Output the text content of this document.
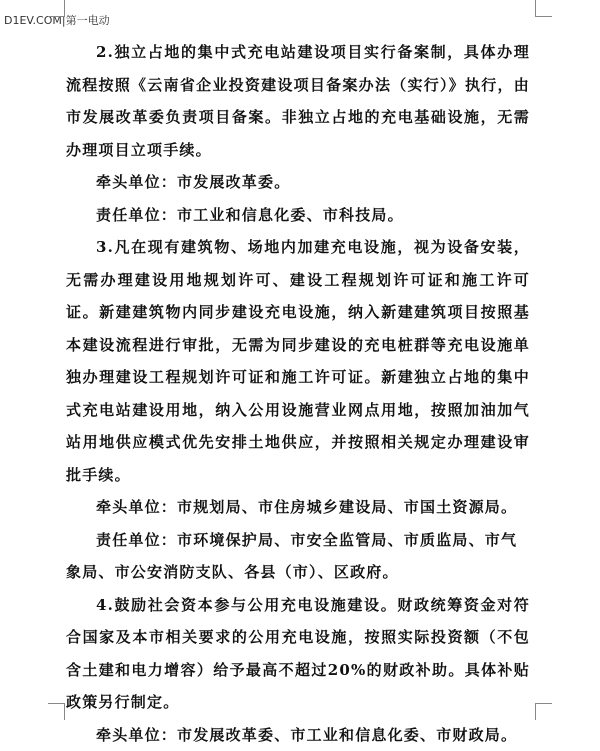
D1EV.COM|第一电动

2.独立占地的集中式充电站建设项目实行备案制，具体办理流程按照《云南省企业投资建设项目备案办法（实行）》执行，由市发展改革委负责项目备案。非独立占地的充电基础设施，无需办理项目立项手续。

牵头单位：市发展改革委。

责任单位：市工业和信息化委、市科技局。

3.凡在现有建筑物、场地内加建充电设施，视为设备安装，无需办理建设用地规划许可、建设工程规划许可证和施工许可证。新建建筑物内同步建设充电设施，纳入新建建筑项目按照基本建设流程进行审批，无需为同步建设的充电桩群等充电设施单独办理建设工程规划许可证和施工许可证。新建独立占地的集中式充电站建设用地，纳入公用设施营业网点用地，按照加油加气站用地供应模式优先安排土地供应，并按照相关规定办理建设审批手续。

牵头单位：市规划局、市住房城乡建设局、市国土资源局。

责任单位：市环境保护局、市安全监管局、市质监局、市气象局、市公安消防支队、各县（市）、区政府。

4.鼓励社会资本参与公用充电设施建设。财政统筹资金对符合国家及本市相关要求的公用充电设施，按照实际投资额（不包含土建和电力增容）给予最高不超过20%的财政补助。具体补贴政策另行制定。

牵头单位：市发展改革委、市工业和信息化委、市财政局。
